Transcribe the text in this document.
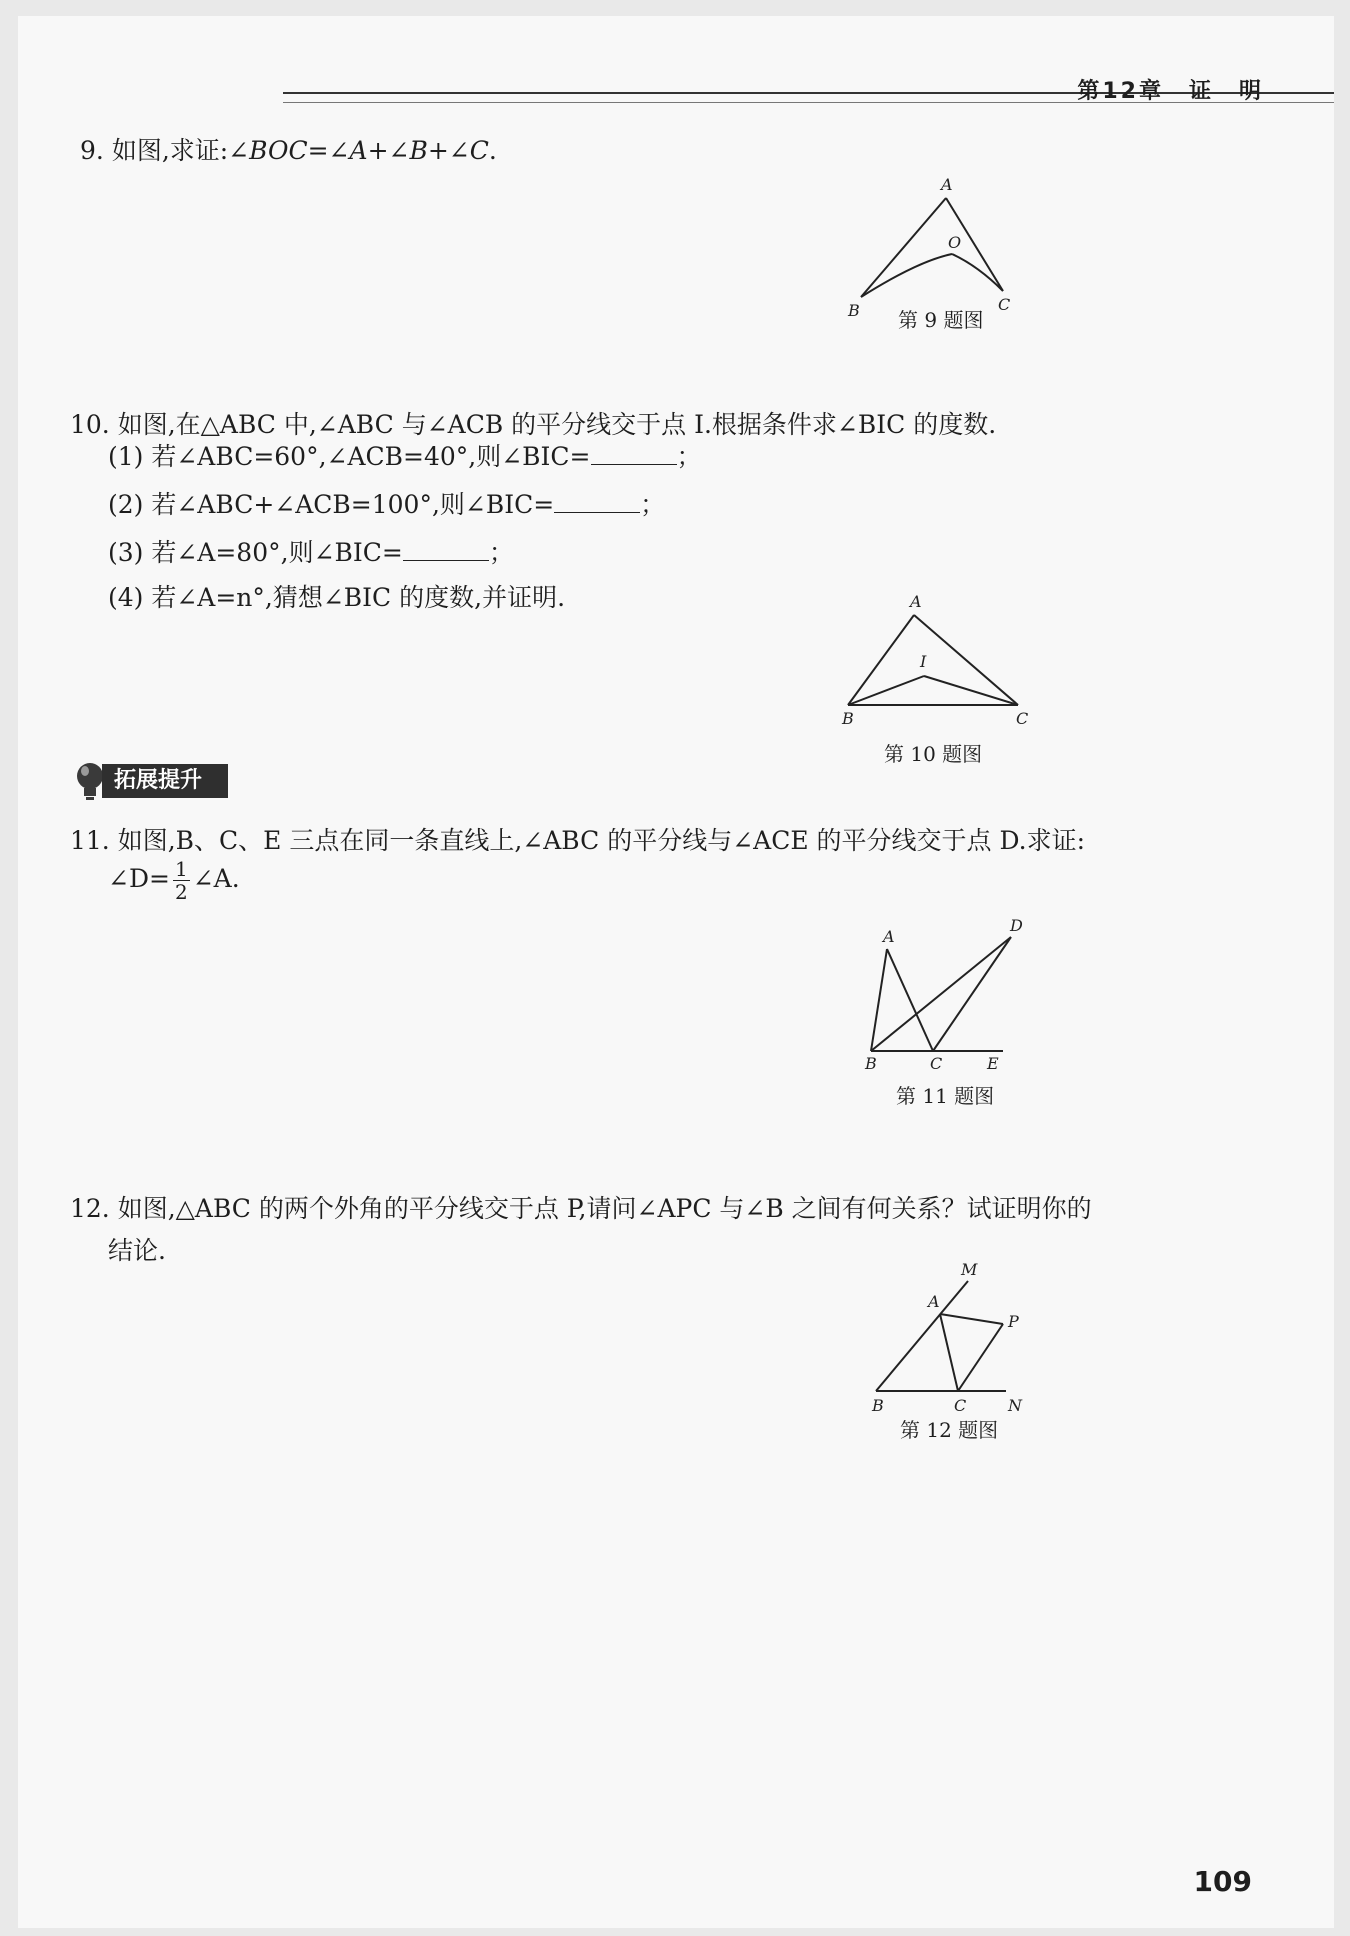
第12章　证　明
9. 如图,求证:∠BOC=∠A+∠B+∠C.
A
O
B	C
第 9 题图
10. 如图,在△ABC 中,∠ABC 与∠ACB 的平分线交于点 I.根据条件求∠BIC 的度数.
(1) 若∠ABC=60°,∠ACB=40°,则∠BIC=	；
(2) 若∠ABC+∠ACB=100°,则∠BIC=	；
(3) 若∠A=80°,则∠BIC=	；
(4) 若∠A=n°,猜想∠BIC 的度数,并证明.	A
I
B	C
第 10 题图
拓展提升
11. 如图,B、C、E 三点在同一条直线上,∠ABC 的平分线与∠ACE 的平分线交于点 D.求证:
∠D= $\frac{1}{2}$ ∠A.
A
D
B	C	E
第 11 题图
12. 如图,△ABC 的两个外角的平分线交于点 P,请问∠APC 与∠B 之间有何关系？试证明你的
结论.
M
A
P
B	C	N
第 12 题图
109
